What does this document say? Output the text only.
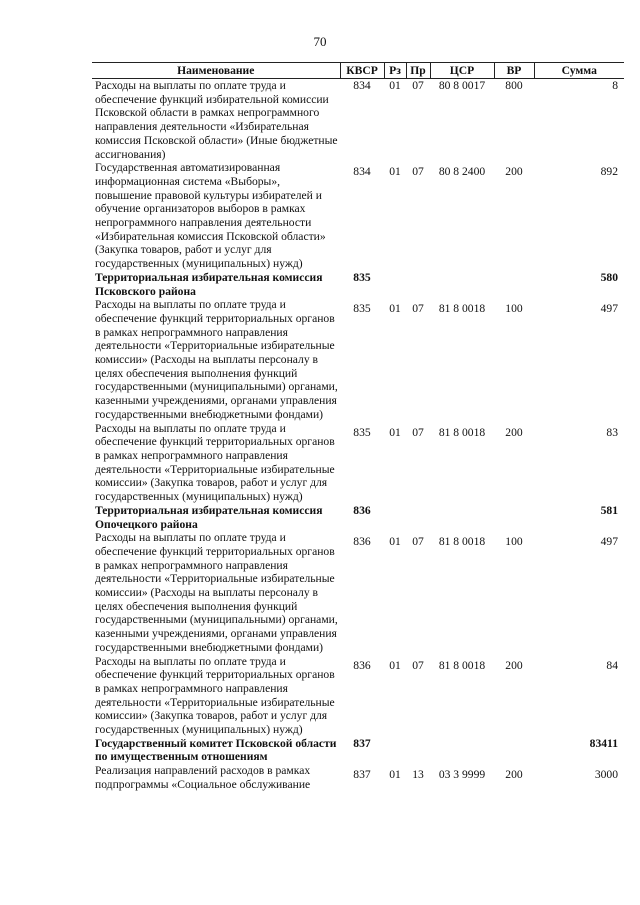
70
Наименование	КВСР	Рз	Пр	ЦСР	ВР	Сумма
Расходы на выплаты по оплате труда и обеспечение функций избирательной комиссии Псковской области в рамках непрограммного направления деятельности «Избирательная комиссия Псковской области» (Иные бюджетные ассигнования)	834	01	07	80 8 0017	800	8
Государственная автоматизированная информационная система «Выборы», повышение правовой культуры избирателей и обучение организаторов выборов в рамках непрограммного направления деятельности «Избирательная комиссия Псковской области» (Закупка товаров, работ и услуг для государственных (муниципальных) нужд)	834	01	07	80 8 2400	200	892
Территориальная избирательная комиссия Псковского района	835					580
Расходы на выплаты по оплате труда и обеспечение функций территориальных органов в рамках непрограммного направления деятельности «Территориальные избирательные комиссии» (Расходы на выплаты персоналу в целях обеспечения выполнения функций государственными (муниципальными) органами, казенными учреждениями, органами управления государственными внебюджетными фондами)	835	01	07	81 8 0018	100	497
Расходы на выплаты по оплате труда и обеспечение функций территориальных органов в рамках непрограммного направления деятельности «Территориальные избирательные комиссии» (Закупка товаров, работ и услуг для государственных (муниципальных) нужд)	835	01	07	81 8 0018	200	83
Территориальная избирательная комиссия Опочецкого района	836					581
Расходы на выплаты по оплате труда и обеспечение функций территориальных органов в рамках непрограммного направления деятельности «Территориальные избирательные комиссии» (Расходы на выплаты персоналу в целях обеспечения выполнения функций государственными (муниципальными) органами, казенными учреждениями, органами управления государственными внебюджетными фондами)	836	01	07	81 8 0018	100	497
Расходы на выплаты по оплате труда и обеспечение функций территориальных органов в рамках непрограммного направления деятельности «Территориальные избирательные комиссии» (Закупка товаров, работ и услуг для государственных (муниципальных) нужд)	836	01	07	81 8 0018	200	84
Государственный комитет Псковской области по имущественным отношениям	837					83411
Реализация направлений расходов в рамках подпрограммы «Социальное обслуживание	837	01	13	03 3 9999	200	3000
